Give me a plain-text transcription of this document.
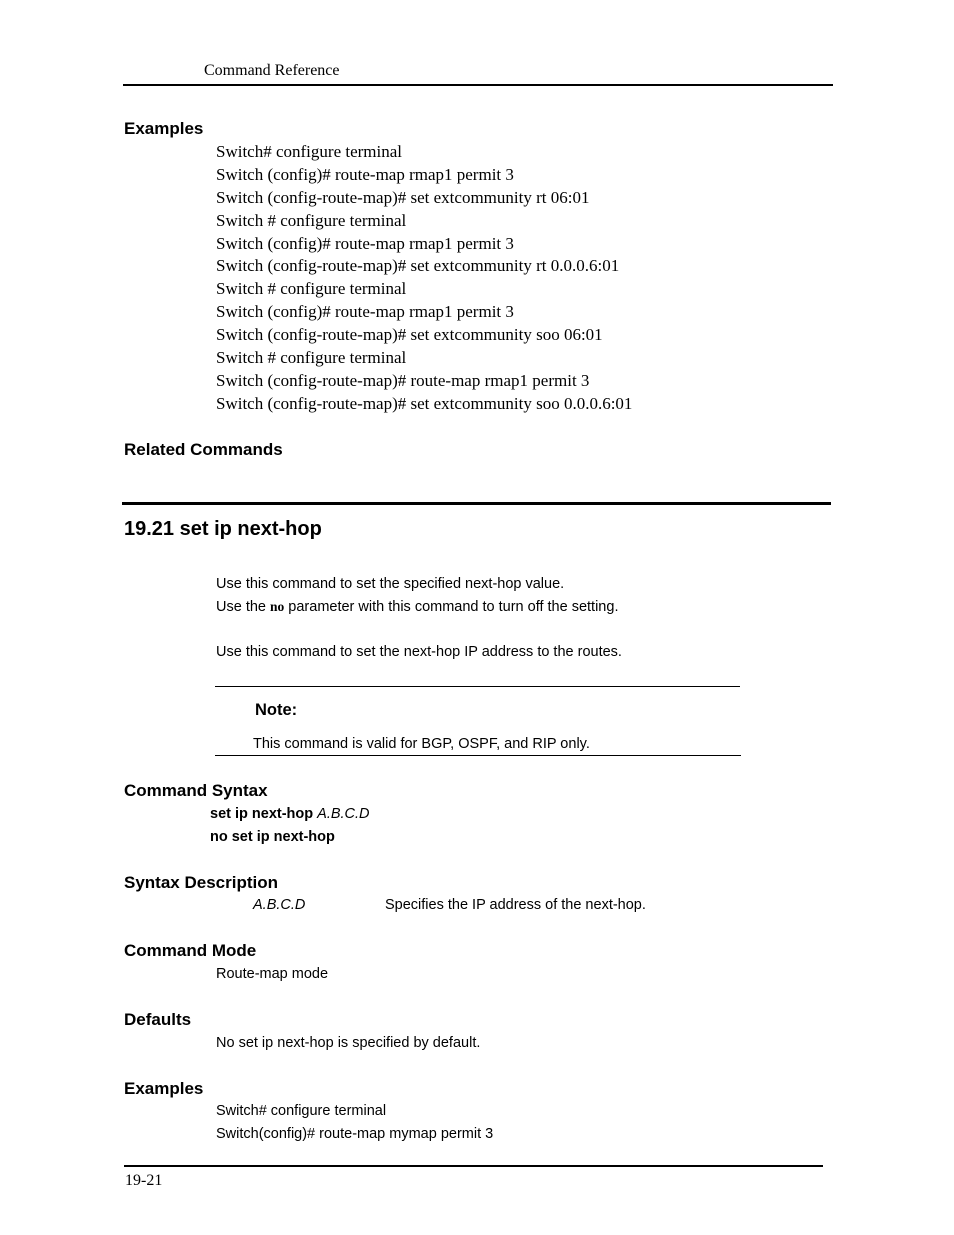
Command Reference
Examples
Switch# configure terminal
Switch (config)# route-map rmap1 permit 3
Switch (config-route-map)# set extcommunity rt 06:01
Switch # configure terminal
Switch (config)# route-map rmap1 permit 3
Switch (config-route-map)# set extcommunity rt 0.0.0.6:01
Switch # configure terminal
Switch (config)# route-map rmap1 permit 3
Switch (config-route-map)# set extcommunity soo 06:01
Switch # configure terminal
Switch (config-route-map)# route-map rmap1 permit 3
Switch (config-route-map)# set extcommunity soo 0.0.0.6:01
Related Commands
19.21 set ip next-hop
Use this command to set the specified next-hop value.
Use the no parameter with this command to turn off the setting.
Use this command to set the next-hop IP address to the routes.
Note:
This command is valid for BGP, OSPF, and RIP only.
Command Syntax
set ip next-hop A.B.C.D
no set ip next-hop
Syntax Description
A.B.C.D	Specifies the IP address of the next-hop.
Command Mode
Route-map mode
Defaults
No set ip next-hop is specified by default.
Examples
Switch# configure terminal
Switch(config)# route-map mymap permit 3
19-21
